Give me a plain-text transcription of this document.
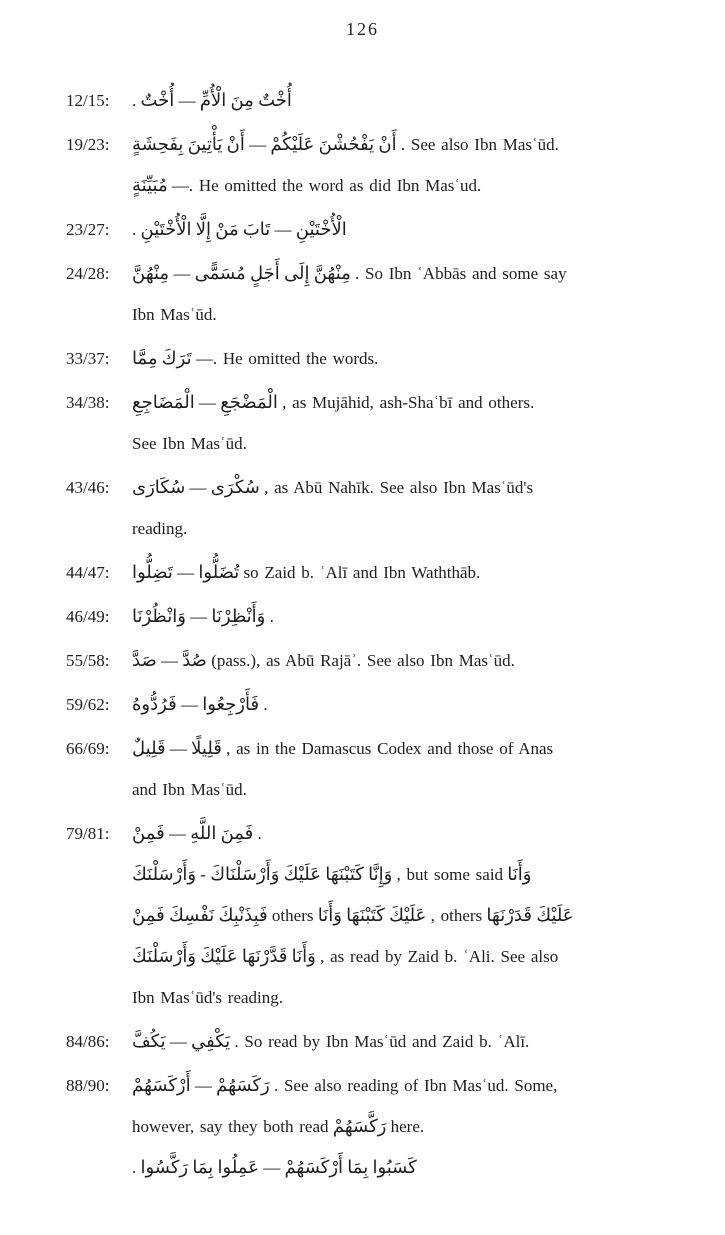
126
12/15: . أُخْتٌ — الْأُمِّ مِنَ أُخْتٌ
19/23: بِفَحِشَةٍ يَأْتِينَ أَنْ — عَلَيْكُمْ يَفْحُشْنَ أَنْ . See also Ibn Masʿūd.
مُبَيِّنَةٍ —. He omitted the word as did Ibn Masʿud.
23/27: . الْأُخْتَيْنِ إِلَّا مَنْ تَابَ — الْأُخْتَيْنِ
24/28: مِنْهُنَّ — مُسَمًّى أَجَلٍ إِلَى مِنْهُنَّ . So Ibn ʿAbbās and some say
Ibn Masʿūd.
33/37: مِمَّا تَرَكَ —. He omitted the words.
34/38: الْمَضَاجِعِ — الْمَضْجَعِ , as Mujāhid, ash-Shaʿbī and others.
See Ibn Masʿūd.
43/46: سُكَارَى — سُكْرَى , as Abū Nahīk. See also Ibn Masʿūd's
reading.
44/47: تَضِلُّوا — تُضَلُّوا so Zaid b. ʿAlī and Ibn Waththāb.
46/49: وَانْظُرْنَا — وَأَنْظِرْنَا .
55/58: صَدَّ — صُدَّ (pass.), as Abū Rajāʾ. See also Ibn Masʿūd.
59/62: فَرُدُّوهُ — فَأَرْجِعُوا .
66/69: قَلِيلٌ — قَلِيلًا , as in the Damascus Codex and those of Anas
and Ibn Masʿūd.
79/81: فَمِنْ — اللَّهِ فَمِنَ .
وَأَرْسَلْنَكَ - وَأَرْسَلْنَاكَ عَلَيْكَ كَتَبْنَهَا وَإِنَّا , but some said وَأَنَا
فَمِنْ نَفْسِكَ فَبِذَنْبِكَ others وَأَنَا كَتَبْنَهَا عَلَيْكَ , others قَدَرْنَهَا عَلَيْكَ
وَأَرْسَلْنَكَ عَلَيْكَ قَدَّرْنَهَا وَأَنَا , as read by Zaid b. ʿAli. See also
Ibn Masʿūd's reading.
84/86: يَكُفَّ — يَكْفِي . So read by Ibn Masʿūd and Zaid b. ʿAlī.
88/90: أَرْكَسَهُمْ — رَكَسَهُمْ . See also reading of Ibn Masʿud. Some,
however, say they both read رَكَّسَهُمْ here.
. رَكَّسُوا بِمَا عَمِلُوا — أَرْكَسَهُمْ بِمَا كَسَبُوا
